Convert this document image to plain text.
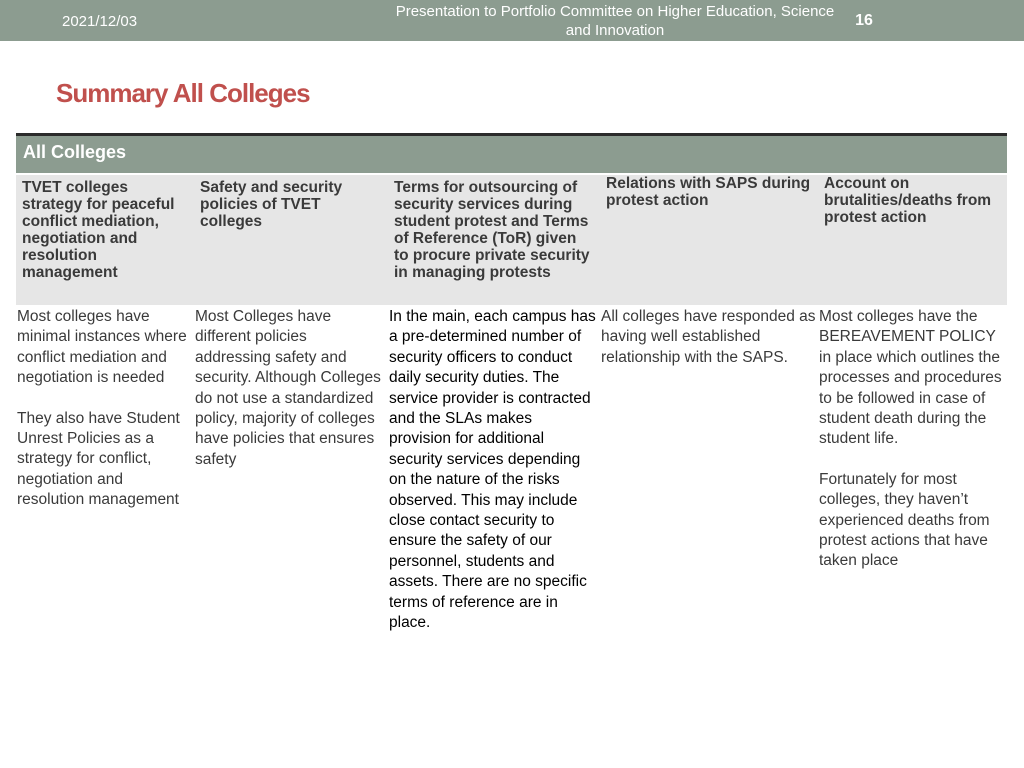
2021/12/03
Presentation to Portfolio Committee on Higher Education, Science and Innovation
16
Summary All Colleges
All Colleges
TVET colleges strategy for peaceful conflict mediation, negotiation and resolution management
Safety and security policies of TVET colleges
Terms for outsourcing of security services during student protest and Terms of Reference (ToR) given to procure private security in managing protests
Relations with SAPS during protest action
Account on brutalities/deaths from protest action

Most colleges have minimal instances where conflict mediation and negotiation is needed

They also have Student Unrest Policies as a strategy for conflict, negotiation and resolution management

Most Colleges have different policies addressing safety and security. Although Colleges do not use a standardized policy, majority of colleges have policies that ensures safety

In the main, each campus has a pre-determined number of security officers to conduct daily security duties. The service provider is contracted and the SLAs makes provision for additional security services depending on the nature of the risks observed. This may include close contact security to ensure the safety of our personnel, students and assets. There are no specific terms of reference are in place.

All colleges have responded as having well established relationship with the SAPS.

Most colleges have the BEREAVEMENT POLICY in place which outlines the processes and procedures to be followed in case of student death during the student life.

Fortunately for most colleges, they haven’t experienced deaths from protest actions that have taken place
